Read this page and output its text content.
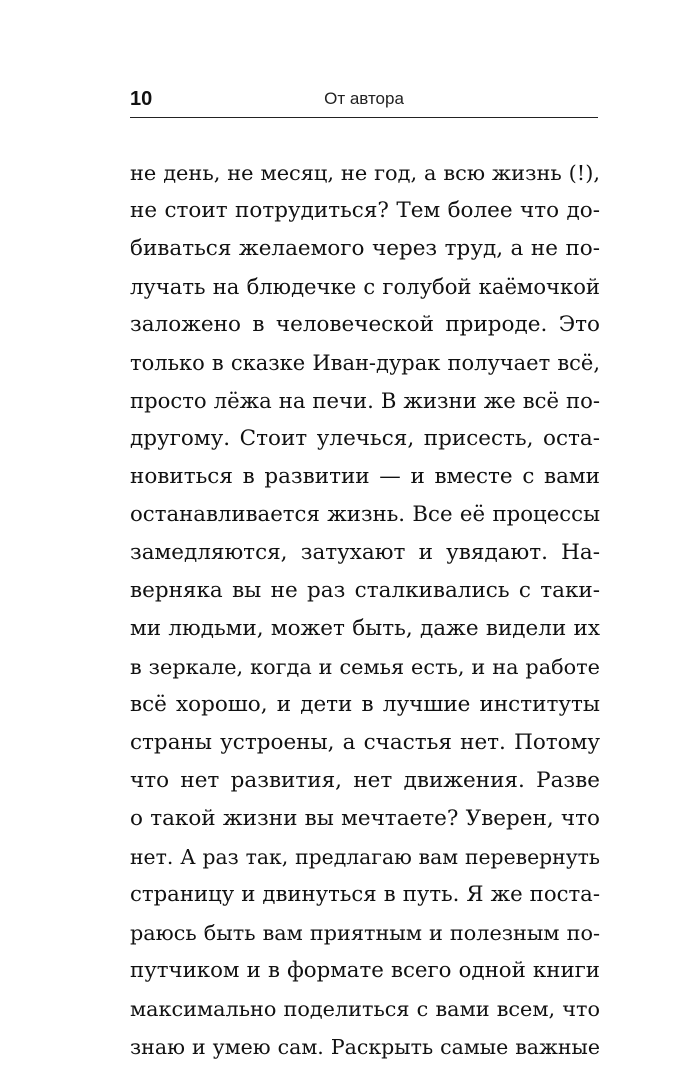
10	От автора
не день, не месяц, не год, а всю жизнь (!),
не стоит потрудиться? Тем более что до-
биваться желаемого через труд, а не по-
лучать на блюдечке с голубой каёмочкой
заложено в человеческой природе. Это
только в сказке Иван-дурак получает всё,
просто лёжа на печи. В жизни же всё по-
другому. Стоит улечься, присесть, оста-
новиться в развитии — и вместе с вами
останавливается жизнь. Все её процессы
замедляются, затухают и увядают. На-
верняка вы не раз сталкивались с таки-
ми людьми, может быть, даже видели их
в зеркале, когда и семья есть, и на работе
всё хорошо, и дети в лучшие институты
страны устроены, а счастья нет. Потому
что нет развития, нет движения. Разве
о такой жизни вы мечтаете? Уверен, что
нет. А раз так, предлагаю вам перевернуть
страницу и двинуться в путь. Я же поста-
раюсь быть вам приятным и полезным по-
путчиком и в формате всего одной книги
максимально поделиться с вами всем, что
знаю и умею сам. Раскрыть самые важные
